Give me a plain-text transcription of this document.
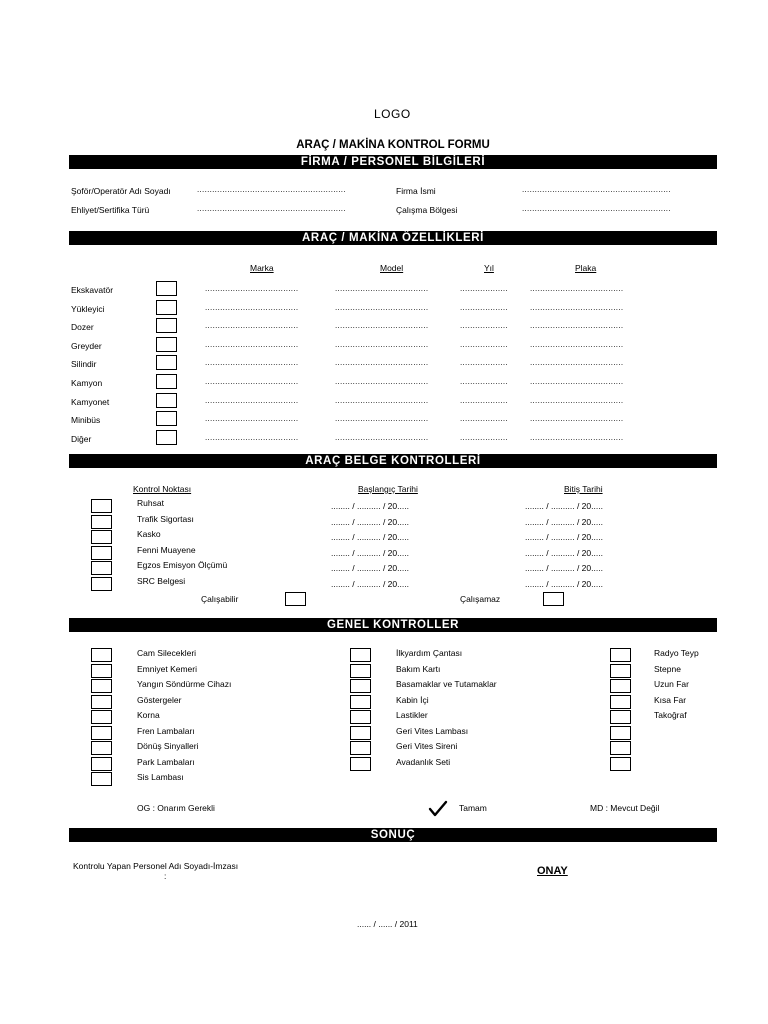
LOGO
ARAÇ / MAKİNA KONTROL FORMU
FİRMA / PERSONEL BİLGİLERİ
Şoför/Operatör Adı Soyadı	...........................................................	Firma İsmi	...........................................................
Ehliyet/Sertifika Türü	...........................................................	Çalışma Bölgesi	...........................................................
ARAÇ / MAKİNA ÖZELLİKLERİ
Marka	Model	Yıl	Plaka
Ekskavatör	.....................................	.....................................	...................	.....................................
Yükleyici	.....................................	.....................................	...................	.....................................
Dozer	.....................................	.....................................	...................	.....................................
Greyder	.....................................	.....................................	...................	.....................................
Silindir	.....................................	.....................................	...................	.....................................
Kamyon	.....................................	.....................................	...................	.....................................
Kamyonet	.....................................	.....................................	...................	.....................................
Minibüs	.....................................	.....................................	...................	.....................................
Diğer	.....................................	.....................................	...................	.....................................
ARAÇ BELGE KONTROLLERİ
Kontrol Noktası	Başlangıç Tarihi	Bitiş Tarihi
Ruhsat	........ / .......... / 20.....	........ / .......... / 20.....
Trafik Sigortası	........ / .......... / 20.....	........ / .......... / 20.....
Kasko	........ / .......... / 20.....	........ / .......... / 20.....
Fenni Muayene	........ / .......... / 20.....	........ / .......... / 20.....
Egzos Emisyon Ölçümü	........ / .......... / 20.....	........ / .......... / 20.....
SRC Belgesi	........ / .......... / 20.....	........ / .......... / 20.....
Çalışabilir	Çalışamaz
GENEL KONTROLLER
Cam Silecekleri
Emniyet Kemeri
Yangın Söndürme Cihazı
Göstergeler
Korna
Fren Lambaları
Dönüş Sinyalleri
Park Lambaları
Sis Lambası
İlkyardım Çantası
Bakım Kartı
Basamaklar ve Tutamaklar
Kabin İçi
Lastikler
Geri Vites Lambası
Geri Vites Sireni
Avadanlık Seti
Radyo Teyp
Stepne
Uzun Far
Kısa Far
Takoğraf
OG : Onarım Gerekli	Tamam	MD : Mevcut Değil
SONUÇ
Kontrolu Yapan Personel Adı Soyadı-İmzası
:	ONAY
...... / ...... / 2011
